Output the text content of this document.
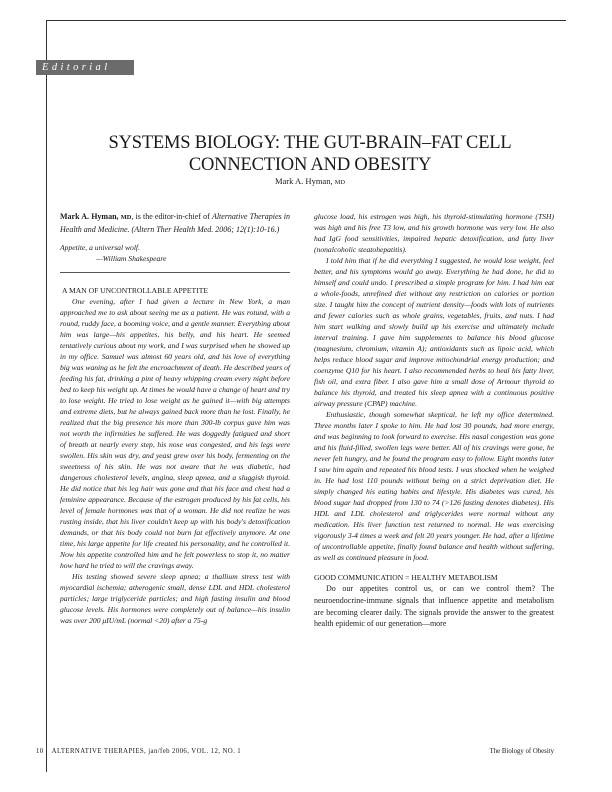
Editorial
SYSTEMS BIOLOGY: THE GUT-BRAIN–FAT CELL
CONNECTION AND OBESITY
Mark A. Hyman, MD

Mark A. Hyman, MD, is the editor-in-chief of Alternative Therapies in Health and Medicine. (Altern Ther Health Med. 2006; 12(1):10-16.)

Appetite, a universal wolf.

—William Shakespeare

A MAN OF UNCONTROLLABLE APPETITE

One evening, after I had given a lecture in New York, a man approached me to ask about seeing me as a patient. He was rotund, with a round, ruddy face, a booming voice, and a gentle manner. Everything about him was large—his appetites, his belly, and his heart. He seemed tentatively curious about my work, and I was surprised when he showed up in my office. Samuel was almost 60 years old, and his love of everything big was waning as he felt the encroachment of death. He described years of feeding his fat, drinking a pint of heavy whipping cream every night before bed to keep his weight up. At times he would have a change of heart and try to lose weight. He tried to lose weight as he gained it—with big attempts and extreme diets, but he always gained back more than he lost. Finally, he realized that the big presence his more than 300-lb corpus gave him was not worth the infirmities he suffered. He was doggedly fatigued and short of breath at nearly every step, his nose was congested, and his legs were swollen. His skin was dry, and yeast grew over his body, fermenting on the sweetness of his skin. He was not aware that he was diabetic, had dangerous cholesterol levels, angina, sleep apnea, and a sluggish thyroid. He did notice that his leg hair was gone and that his face and chest had a feminine appearance. Because of the estrogen produced by his fat cells, his level of female hormones was that of a woman. He did not realize he was rusting inside, that his liver couldn't keep up with his body's detoxification demands, or that his body could not burn fat effectively anymore. At one time, his large appetite for life created his personality, and he controlled it. Now his appetite controlled him and he felt powerless to stop it, no matter how hard he tried to will the cravings away.

His testing showed severe sleep apnea; a thallium stress test with myocardial ischemia; atherogenic small, dense LDL and HDL cholesterol particles; large triglyceride particles; and high fasting insulin and blood glucose levels. His hormones were completely out of balance—his insulin was over 200 μIU/mL (normal <20) after a 75-g

glucose load, his estrogen was high, his thyroid-stimulating hormone (TSH) was high and his free T3 low, and his growth hormone was very low. He also had IgG food sensitivities, impaired hepatic detoxification, and fatty liver (nonalcoholic steatohepatitis).

I told him that if he did everything I suggested, he would lose weight, feel better, and his symptoms would go away. Everything he had done, he did to himself and could undo. I prescribed a simple program for him. I had him eat a whole-foods, unrefined diet without any restriction on calories or portion size. I taught him the concept of nutrient density—foods with lots of nutrients and fewer calories such as whole grains, vegetables, fruits, and nuts. I had him start walking and slowly build up his exercise and ultimately include interval training. I gave him supplements to balance his blood glucose (magnesium, chromium, vitamin A); antioxidants such as lipoic acid, which helps reduce blood sugar and improve mitochondrial energy production; and coenzyme Q10 for his heart. I also recommended herbs to heal his fatty liver, fish oil, and extra fiber. I also gave him a small dose of Armour thyroid to balance his thyroid, and treated his sleep apnea with a continuous positive airway pressure (CPAP) machine.

Enthusiastic, though somewhat skeptical, he left my office determined. Three months later I spoke to him. He had lost 30 pounds, had more energy, and was beginning to look forward to exercise. His nasal congestion was gone and his fluid-filled, swollen legs were better. All of his cravings were gone, he never felt hungry, and he found the program easy to follow. Eight months later I saw him again and repeated his blood tests. I was shocked when he weighed in. He had lost 110 pounds without being on a strict deprivation diet. He simply changed his eating habits and lifestyle. His diabetes was cured, his blood sugar had dropped from 130 to 74 (>126 fasting denotes diabetes). His HDL and LDL cholesterol and triglycerides were normal without any medication. His liver function test returned to normal. He was exercising vigorously 3-4 times a week and felt 20 years younger. He had, after a lifetime of uncontrollable appetite, finally found balance and health without suffering, as well as continued pleasure in food.

GOOD COMMUNICATION = HEALTHY METABOLISM

Do our appetites control us, or can we control them? The neuroendocrine-immune signals that influence appetite and metabolism are becoming clearer daily. The signals provide the answer to the greatest health epidemic of our generation—more

10 ALTERNATIVE THERAPIES, jan/feb 2006, VOL. 12, NO. 1	The Biology of Obesity
